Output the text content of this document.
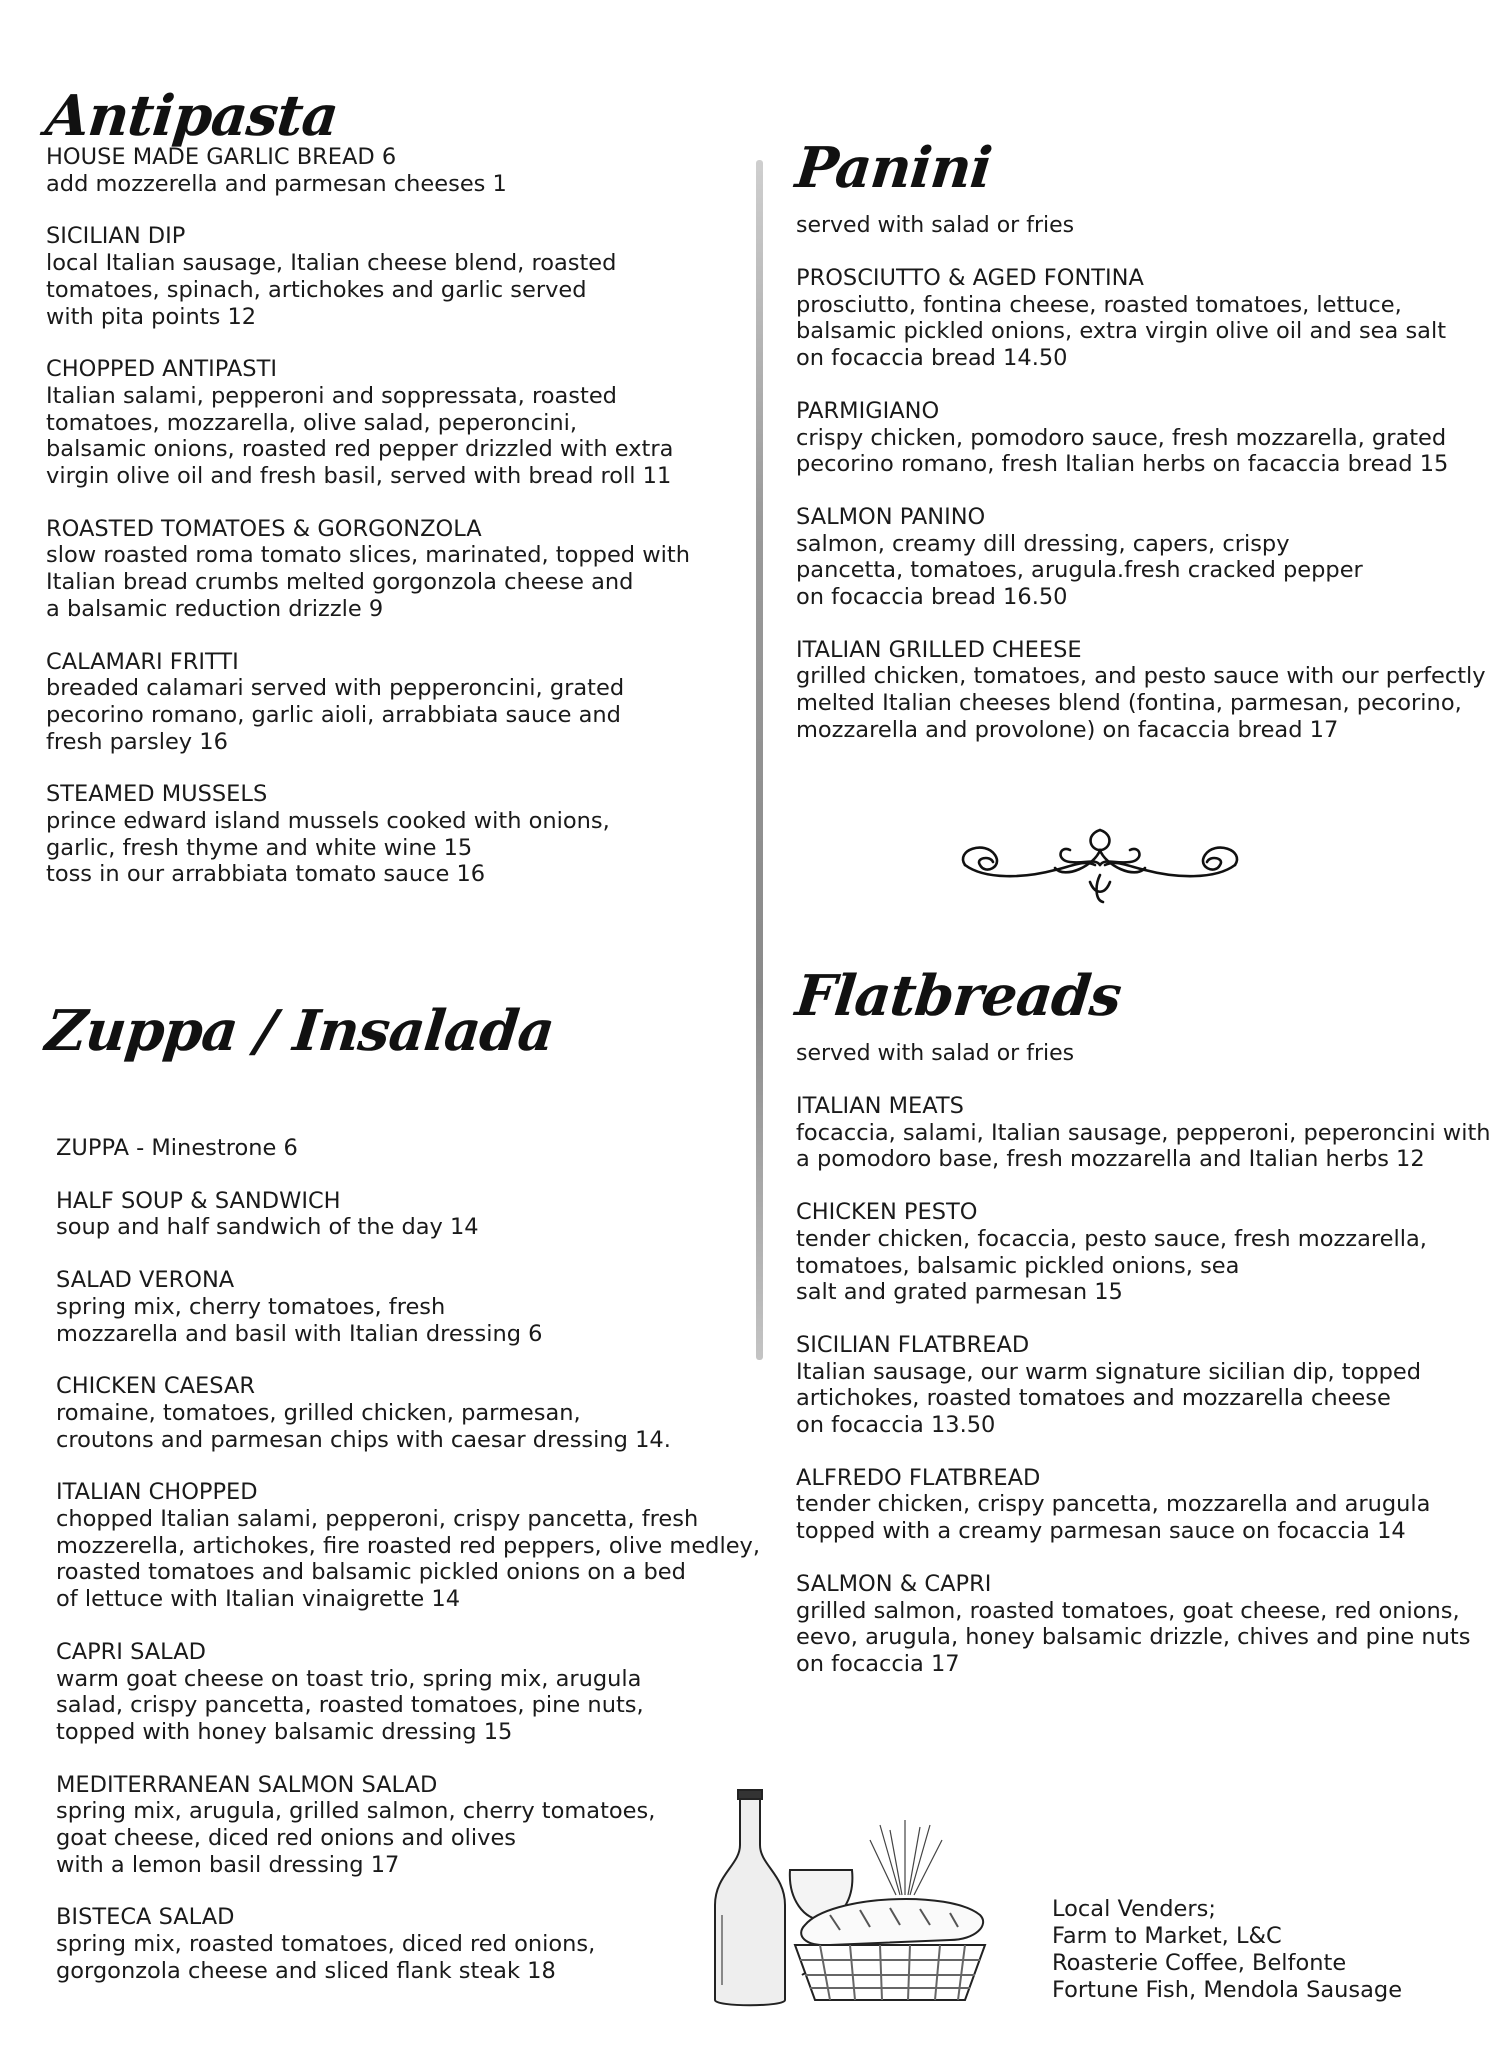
Antipasta
HOUSE MADE GARLIC BREAD 6
add mozzerella and parmesan cheeses 1
SICILIAN DIP
local Italian sausage, Italian cheese blend, roasted
tomatoes, spinach, artichokes and garlic served
with pita points 12
CHOPPED ANTIPASTI
Italian salami, pepperoni and soppressata, roasted
tomatoes, mozzarella, olive salad, peperoncini,
balsamic onions, roasted red pepper drizzled with extra
virgin olive oil and fresh basil, served with bread roll 11
ROASTED TOMATOES & GORGONZOLA
slow roasted roma tomato slices, marinated, topped with
Italian bread crumbs melted gorgonzola cheese and
a balsamic reduction drizzle 9
CALAMARI FRITTI
breaded calamari served with pepperoncini, grated
pecorino romano, garlic aioli, arrabbiata sauce and
fresh parsley 16
STEAMED MUSSELS
prince edward island mussels cooked with onions,
garlic, fresh thyme and white wine 15
toss in our arrabbiata tomato sauce 16
Zuppa / Insalada
ZUPPA - Minestrone 6
HALF SOUP & SANDWICH
soup and half sandwich of the day 14
SALAD VERONA
spring mix, cherry tomatoes, fresh
mozzarella and basil with Italian dressing 6
CHICKEN CAESAR
romaine, tomatoes, grilled chicken, parmesan,
croutons and parmesan chips with caesar dressing 14.
ITALIAN CHOPPED
chopped Italian salami, pepperoni, crispy pancetta, fresh
mozzerella, artichokes, fire roasted red peppers, olive medley,
roasted tomatoes and balsamic pickled onions on a bed
of lettuce with Italian vinaigrette 14
CAPRI SALAD
warm goat cheese on toast trio, spring mix, arugula
salad, crispy pancetta, roasted tomatoes, pine nuts,
topped with honey balsamic dressing 15
MEDITERRANEAN SALMON SALAD
spring mix, arugula, grilled salmon, cherry tomatoes,
goat cheese, diced red onions and olives
with a lemon basil dressing 17
BISTECA SALAD
spring mix, roasted tomatoes, diced red onions,
gorgonzola cheese and sliced flank steak 18
Panini
served with salad or fries
PROSCIUTTO & AGED FONTINA
prosciutto, fontina cheese, roasted tomatoes, lettuce,
balsamic pickled onions, extra virgin olive oil and sea salt
on focaccia bread 14.50
PARMIGIANO
crispy chicken, pomodoro sauce, fresh mozzarella, grated
pecorino romano, fresh Italian herbs on facaccia bread 15
SALMON PANINO
salmon, creamy dill dressing, capers, crispy
pancetta, tomatoes, arugula.fresh cracked pepper
on focaccia bread 16.50
ITALIAN GRILLED CHEESE
grilled chicken, tomatoes, and pesto sauce with our perfectly
melted Italian cheeses blend (fontina, parmesan, pecorino,
mozzarella and provolone) on facaccia bread 17
Flatbreads
served with salad or fries
ITALIAN MEATS
focaccia, salami, Italian sausage, pepperoni, peperoncini with
a pomodoro base, fresh mozzarella and Italian herbs 12
CHICKEN PESTO
tender chicken, focaccia, pesto sauce, fresh mozzarella,
tomatoes, balsamic pickled onions, sea
salt and grated parmesan 15
SICILIAN FLATBREAD
Italian sausage, our warm signature sicilian dip, topped
artichokes, roasted tomatoes and mozzarella cheese
on focaccia 13.50
ALFREDO FLATBREAD
tender chicken, crispy pancetta, mozzarella and arugula
topped with a creamy parmesan sauce on focaccia 14
SALMON & CAPRI
grilled salmon, roasted tomatoes, goat cheese, red onions,
eevo, arugula, honey balsamic drizzle, chives and pine nuts
on focaccia 17
Local Venders;
Farm to Market, L&C
Roasterie Coffee, Belfonte
Fortune Fish, Mendola Sausage
